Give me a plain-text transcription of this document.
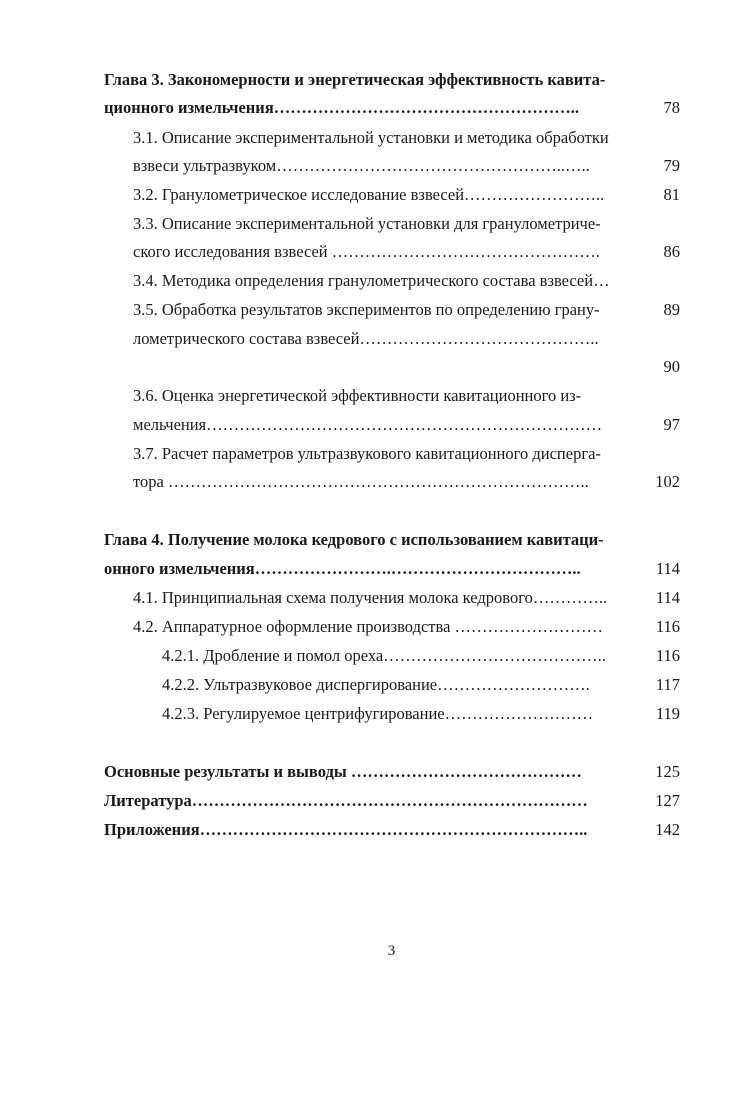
Глава 3. Закономерности и энергетическая эффективность кавита-
ционного измельчения………………………………………………..	78
3.1. Описание экспериментальной установки и методика обработки
взвеси ультразвуком……………………………………………..…..	79
3.2. Гранулометрическое исследование взвесей……………………..	81
3.3. Описание экспериментальной установки для гранулометриче-
ского исследования взвесей ………………………………………….	86
3.4. Методика определения гранулометрического состава взвесей…
3.5. Обработка результатов экспериментов по определению грану-	89
лометрического состава взвесей……………………………………..
90
3.6. Оценка энергетической эффективности кавитационного из-
мельчения………………………………………………………………	97
3.7. Расчет параметров ультразвукового кавитационного дисперга-
тора …………………………………………………………………..	102
Глава 4. Получение молока кедрового с использованием кавитаци-
онного измельчения…………………….……………………………..	114
4.1. Принципиальная схема получения молока кедрового…………..	114
4.2. Аппаратурное оформление производства ………………………	116
4.2.1. Дробление и помол ореха…………………………………..	116
4.2.2. Ультразвуковое диспергирование……………………….	117
4.2.3. Регулируемое центрифугирование………………………	119
Основные результаты и выводы ……………………………………	125
Литература………………………………………………………………	127
Приложения……………………………………………………………..	142
3
